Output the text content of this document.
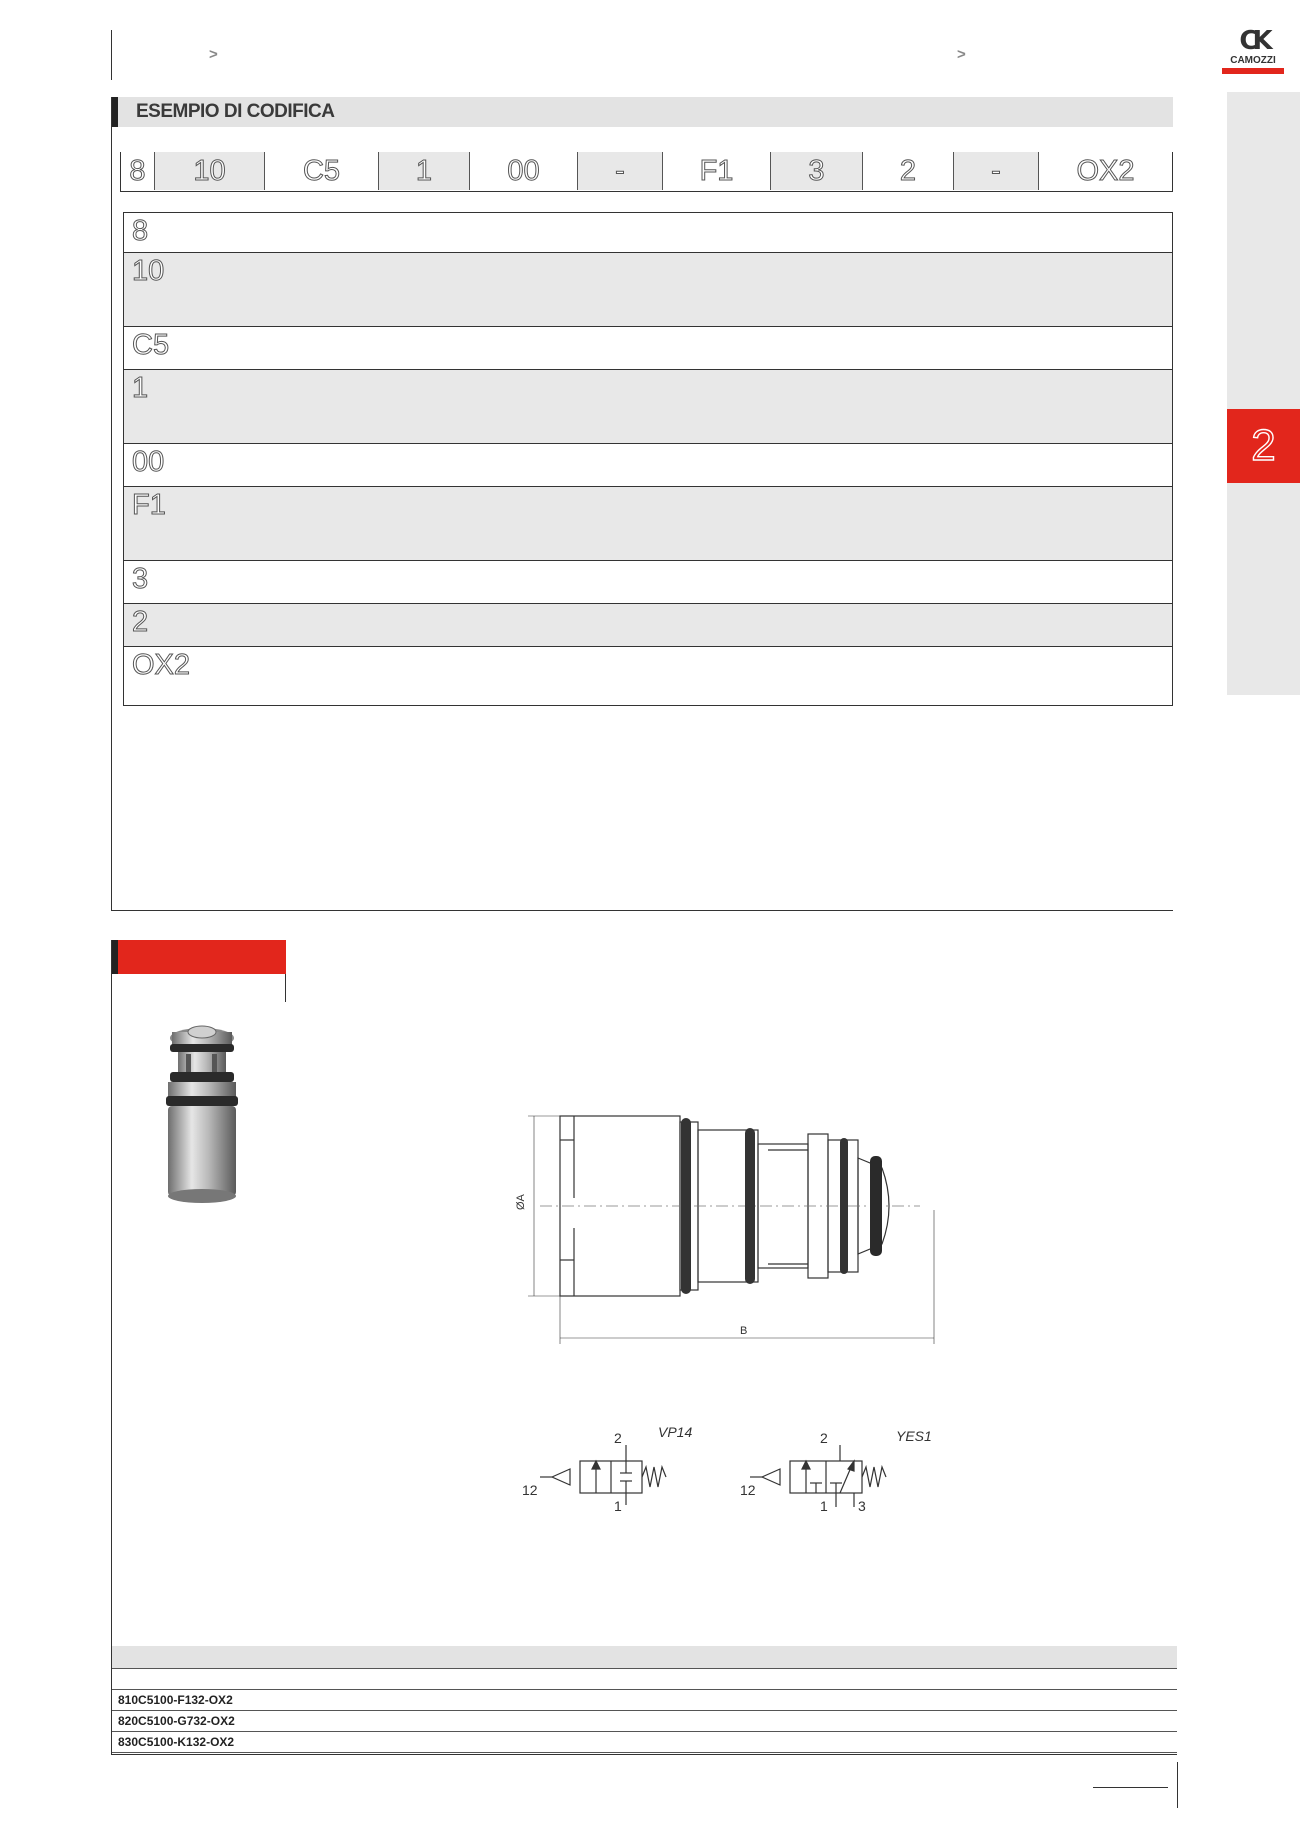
>	>	CK
CAMOZZI
2
ESEMPIO DI CODIFICA
8	10	C5	1	00	-	F1	3	2	-	OX2
8
10
C5
1
00
F1
3
2
OX2
ØA
B
2
1
12
VP14	2
1 3
12
YES1
810C5100-F132-OX2
820C5100-G732-OX2
830C5100-K132-OX2
